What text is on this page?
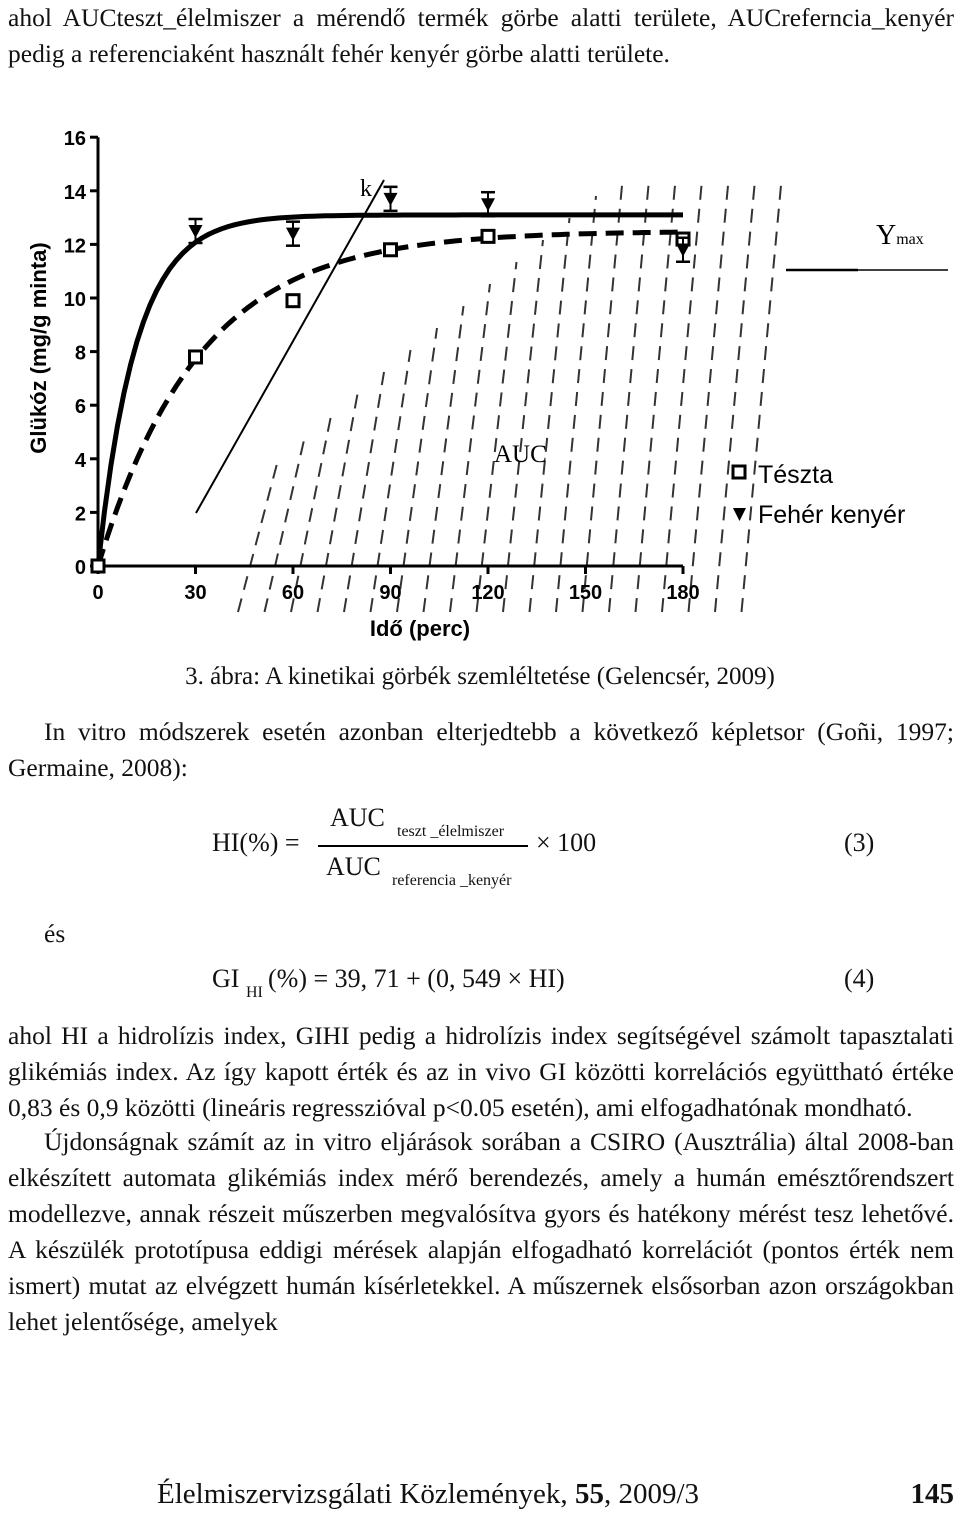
ahol AUCteszt_élelmiszer a mérendő termék görbe alatti területe, AUCreferncia_kenyér pedig a referenciaként használt fehér kenyér görbe alatti területe.
0
2
4
6
8
10
12
14
16
0	30	60	90	120	150	180
Glükóz (mg/g minta)
Idő (perc)
k
AUC
Ymax
Tészta
Fehér kenyér
3. ábra: A kinetikai görbék szemléltetése (Gelencsér, 2009)
In vitro módszerek esetén azonban elterjedtebb a következő képletsor (Goñi, 1997; Germaine, 2008):
HI(%) =
AUC teszt _élelmiszer
AUC referencia _kenyér
× 100	(3)
és
GI HI (%) = 39, 71 + (0, 549 × HI)	(4)
ahol HI a hidrolízis index, GIHI pedig a hidrolízis index segítségével számolt tapasztalati glikémiás index. Az így kapott érték és az in vivo GI közötti korrelációs együttható értéke 0,83 és 0,9 közötti (lineáris regresszióval p<0.05 esetén), ami elfogadhatónak mondható.
Újdonságnak számít az in vitro eljárások sorában a CSIRO (Ausztrália) által 2008-ban elkészített automata glikémiás index mérő berendezés, amely a humán emésztőrendszert modellezve, annak részeit műszerben megvalósítva gyors és hatékony mérést tesz lehetővé. A készülék prototípusa eddigi mérések alapján elfogadható korrelációt (pontos érték nem ismert) mutat az elvégzett humán kísérletekkel. A műszernek elsősorban azon országokban lehet jelentősége, amelyek
Élelmiszervizsgálati Közlemények, 55, 2009/3	145
